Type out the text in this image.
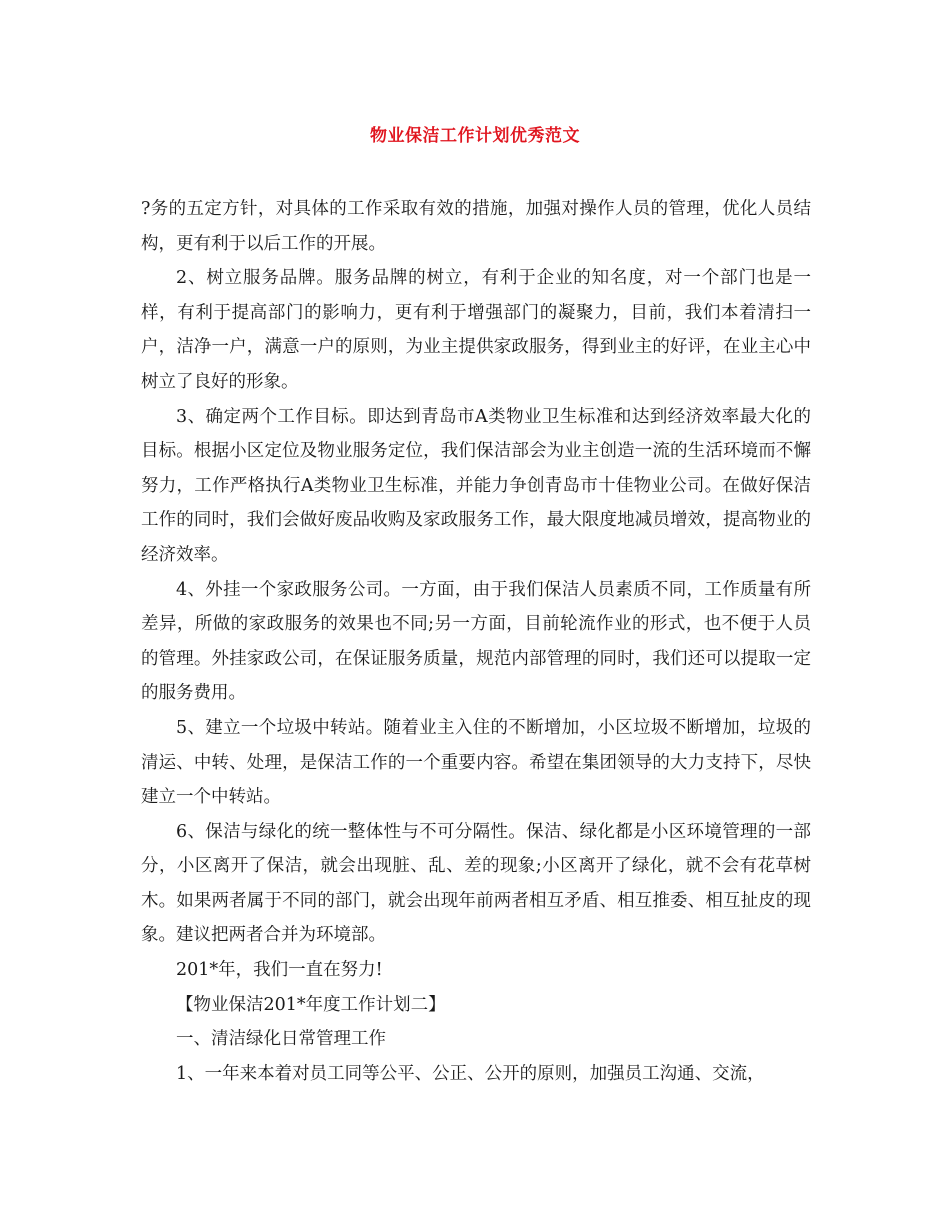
物业保洁工作计划优秀范文

?务的五定方针，对具体的工作采取有效的措施，加强对操作人员的管理，优化人员结构，更有利于以后工作的开展。

2、树立服务品牌。服务品牌的树立，有利于企业的知名度，对一个部门也是一样，有利于提高部门的影响力，更有利于增强部门的凝聚力，目前，我们本着清扫一户，洁净一户，满意一户的原则，为业主提供家政服务，得到业主的好评，在业主心中树立了良好的形象。

3、确定两个工作目标。即达到青岛市A类物业卫生标准和达到经济效率最大化的目标。根据小区定位及物业服务定位，我们保洁部会为业主创造一流的生活环境而不懈努力，工作严格执行A类物业卫生标准，并能力争创青岛市十佳物业公司。在做好保洁工作的同时，我们会做好废品收购及家政服务工作，最大限度地减员增效，提高物业的经济效率。

4、外挂一个家政服务公司。一方面，由于我们保洁人员素质不同，工作质量有所差异，所做的家政服务的效果也不同;另一方面，目前轮流作业的形式，也不便于人员的管理。外挂家政公司，在保证服务质量，规范内部管理的同时，我们还可以提取一定的服务费用。

5、建立一个垃圾中转站。随着业主入住的不断增加，小区垃圾不断增加，垃圾的清运、中转、处理，是保洁工作的一个重要内容。希望在集团领导的大力支持下，尽快建立一个中转站。

6、保洁与绿化的统一整体性与不可分隔性。保洁、绿化都是小区环境管理的一部分，小区离开了保洁，就会出现脏、乱、差的现象;小区离开了绿化，就不会有花草树木。如果两者属于不同的部门，就会出现年前两者相互矛盾、相互推委、相互扯皮的现象。建议把两者合并为环境部。

201*年，我们一直在努力!

【物业保洁201*年度工作计划二】

一、清洁绿化日常管理工作

1、一年来本着对员工同等公平、公正、公开的原则，加强员工沟通、交流，
